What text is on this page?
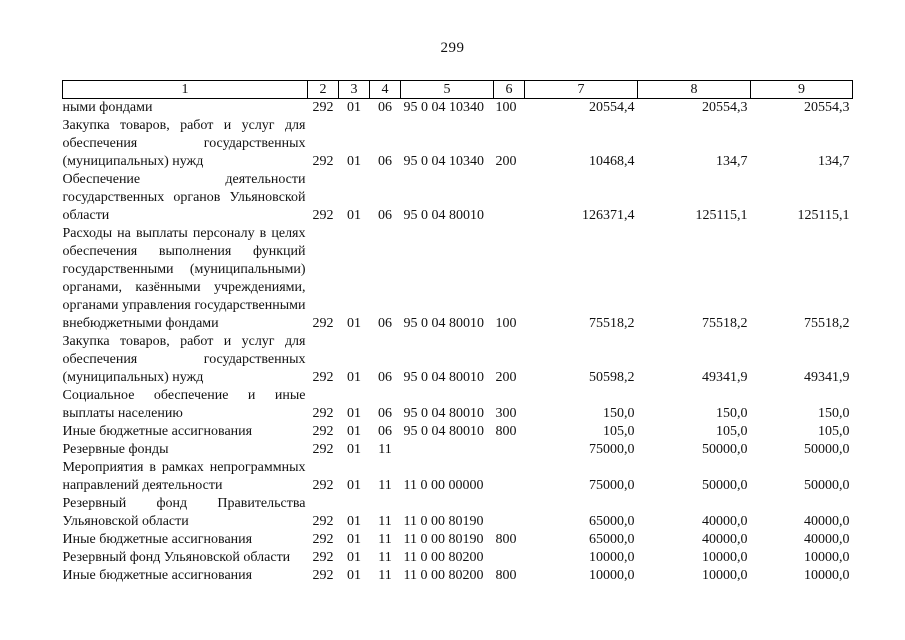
299
1	2	3	4	5	6	7	8	9
ными фондами	292	01	06	95 0 04 10340	100	20554,4	20554,3	20554,3
Закупка товаров, работ и услуг для обеспечения государственных (муниципальных) нужд	292	01	06	95 0 04 10340	200	10468,4	134,7	134,7
Обеспечение деятельности государственных органов Ульяновской области	292	01	06	95 0 04 80010		126371,4	125115,1	125115,1
Расходы на выплаты персоналу в целях обеспечения выполнения функций государственными (муниципальными) органами, казёнными учреждениями, органами управления государственными внебюджетными фондами	292	01	06	95 0 04 80010	100	75518,2	75518,2	75518,2
Закупка товаров, работ и услуг для обеспечения государственных (муниципальных) нужд	292	01	06	95 0 04 80010	200	50598,2	49341,9	49341,9
Социальное обеспечение и иные выплаты населению	292	01	06	95 0 04 80010	300	150,0	150,0	150,0
Иные бюджетные ассигнования	292	01	06	95 0 04 80010	800	105,0	105,0	105,0
Резервные фонды	292	01	11			75000,0	50000,0	50000,0
Мероприятия в рамках непрограммных направлений деятельности	292	01	11	11 0 00 00000		75000,0	50000,0	50000,0
Резервный фонд Правительства Ульяновской области	292	01	11	11 0 00 80190		65000,0	40000,0	40000,0
Иные бюджетные ассигнования	292	01	11	11 0 00 80190	800	65000,0	40000,0	40000,0
Резервный фонд Ульяновской области	292	01	11	11 0 00 80200		10000,0	10000,0	10000,0
Иные бюджетные ассигнования	292	01	11	11 0 00 80200	800	10000,0	10000,0	10000,0
